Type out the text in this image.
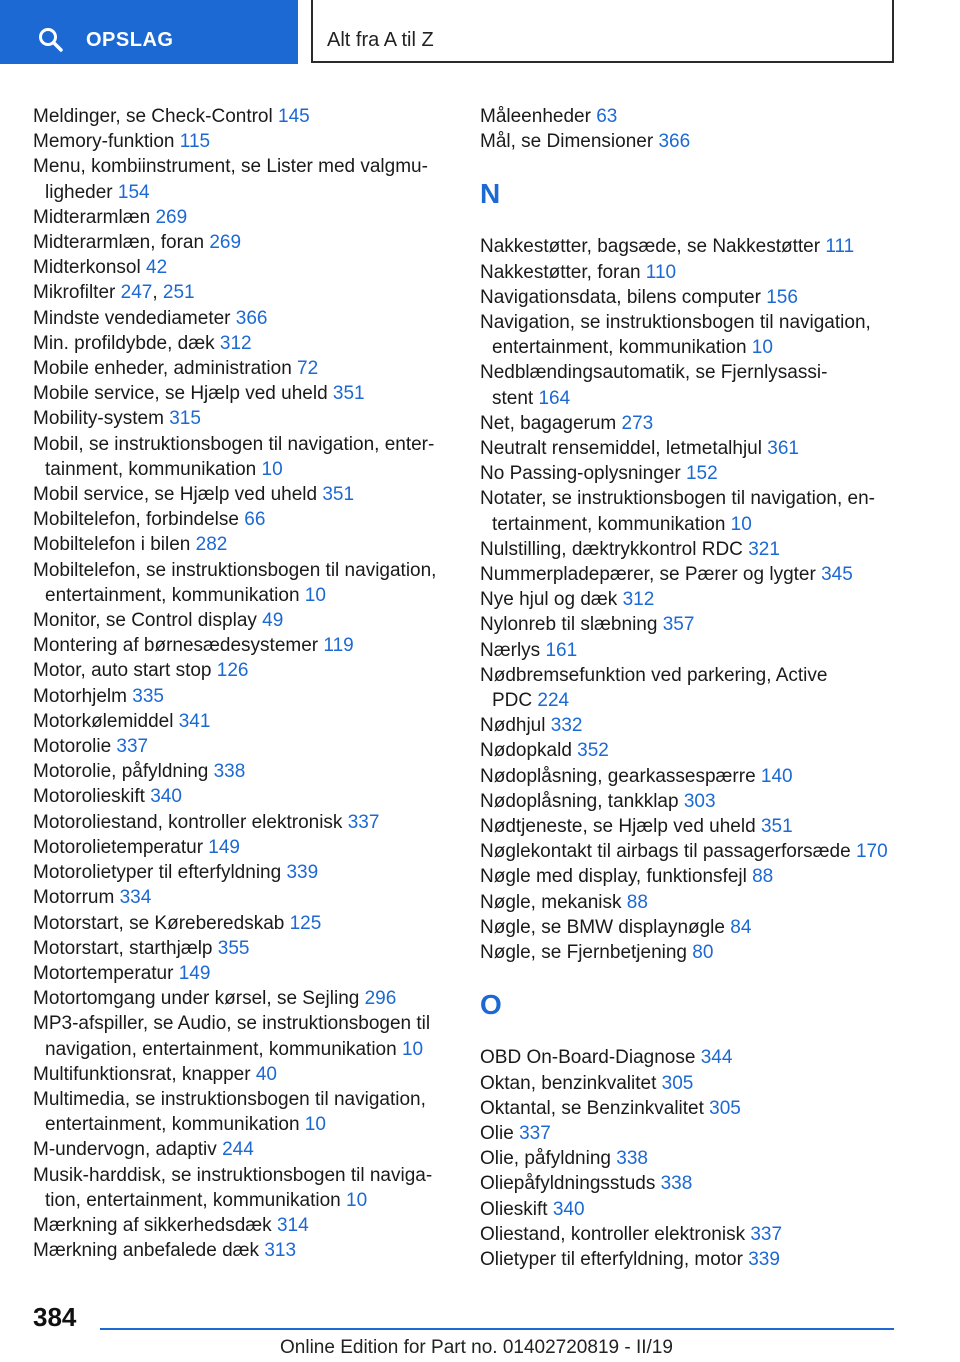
OPSLAG	Alt fra A til Z
Meldinger, se Check-Control 145
Memory-funktion 115
Menu, kombiinstrument, se Lister med valgmu-
ligheder 154
Midterarmlæn 269
Midterarmlæn, foran 269
Midterkonsol 42
Mikrofilter 247, 251
Mindste vendediameter 366
Min. profildybde, dæk 312
Mobile enheder, administration 72
Mobile service, se Hjælp ved uheld 351
Mobility-system 315
Mobil, se instruktionsbogen til navigation, enter-
tainment, kommunikation 10
Mobil service, se Hjælp ved uheld 351
Mobiltelefon, forbindelse 66
Mobiltelefon i bilen 282
Mobiltelefon, se instruktionsbogen til navigation,
entertainment, kommunikation 10
Monitor, se Control display 49
Montering af børnesædesystemer 119
Motor, auto start stop 126
Motorhjelm 335
Motorkølemiddel 341
Motorolie 337
Motorolie, påfyldning 338
Motorolieskift 340
Motoroliestand, kontroller elektronisk 337
Motorolietemperatur 149
Motorolietyper til efterfyldning 339
Motorrum 334
Motorstart, se Køreberedskab 125
Motorstart, starthjælp 355
Motortemperatur 149
Motortomgang under kørsel, se Sejling 296
MP3-afspiller, se Audio, se instruktionsbogen til
navigation, entertainment, kommunikation 10
Multifunktionsrat, knapper 40
Multimedia, se instruktionsbogen til navigation,
entertainment, kommunikation 10
M-undervogn, adaptiv 244
Musik-harddisk, se instruktionsbogen til naviga-
tion, entertainment, kommunikation 10
Mærkning af sikkerhedsdæk 314
Mærkning anbefalede dæk 313
Måleenheder 63
Mål, se Dimensioner 366
N
Nakkestøtter, bagsæde, se Nakkestøtter 111
Nakkestøtter, foran 110
Navigationsdata, bilens computer 156
Navigation, se instruktionsbogen til navigation,
entertainment, kommunikation 10
Nedblændingsautomatik, se Fjernlysassi-
stent 164
Net, bagagerum 273
Neutralt rensemiddel, letmetalhjul 361
No Passing-oplysninger 152
Notater, se instruktionsbogen til navigation, en-
tertainment, kommunikation 10
Nulstilling, dæktrykkontrol RDC 321
Nummerpladepærer, se Pærer og lygter 345
Nye hjul og dæk 312
Nylonreb til slæbning 357
Nærlys 161
Nødbremsefunktion ved parkering, Active
PDC 224
Nødhjul 332
Nødopkald 352
Nødoplåsning, gearkassespærre 140
Nødoplåsning, tankklap 303
Nødtjeneste, se Hjælp ved uheld 351
Nøglekontakt til airbags til passagerforsæde 170
Nøgle med display, funktionsfejl 88
Nøgle, mekanisk 88
Nøgle, se BMW displaynøgle 84
Nøgle, se Fjernbetjening 80
O
OBD On-Board-Diagnose 344
Oktan, benzinkvalitet 305
Oktantal, se Benzinkvalitet 305
Olie 337
Olie, påfyldning 338
Oliepåfyldningsstuds 338
Olieskift 340
Oliestand, kontroller elektronisk 337
Olietyper til efterfyldning, motor 339
384
Online Edition for Part no. 01402720819 - II/19
